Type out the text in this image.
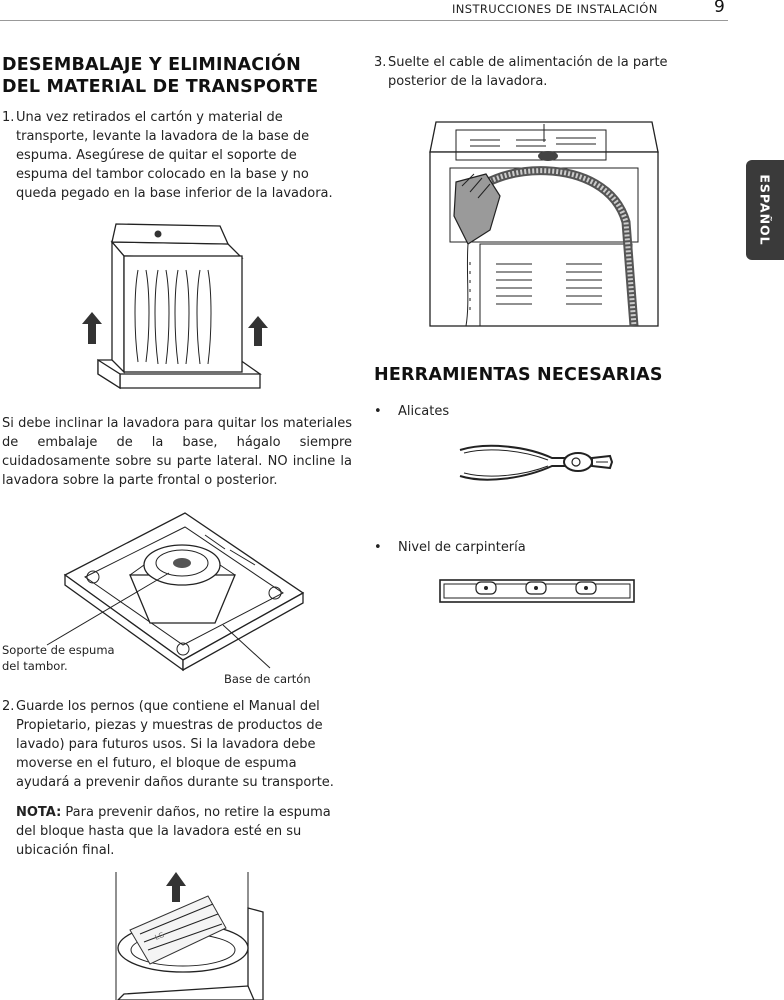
INSTRUCCIONES DE INSTALACIÓN	9
ESPAÑOL
DESEMBALAJE Y ELIMINACIÓN
DEL MATERIAL DE TRANSPORTE
1. Una vez retirados el cartón y material de transporte, levante la lavadora de la base de espuma. Asegúrese de quitar el soporte de espuma del tambor colocado en la base y no queda pegado en la base inferior de la lavadora.
Si debe inclinar la lavadora para quitar los materiales de embalaje de la base, hágalo siempre cuidadosamente sobre su parte lateral. NO incline la lavadora sobre la parte frontal o posterior.
Soporte de espuma
del tambor.
Base de cartón
2. Guarde los pernos (que contiene el Manual del Propietario, piezas y muestras de productos de lavado) para futuros usos. Si la lavadora debe moverse en el futuro, el bloque de espuma ayudará a prevenir daños durante su transporte.
NOTA: Para prevenir daños, no retire la espuma del bloque hasta que la lavadora esté en su ubicación final.
LG
3. Suelte el cable de alimentación de la parte posterior de la lavadora.
HERRAMIENTAS NECESARIAS
• Alicates
• Nivel de carpintería
